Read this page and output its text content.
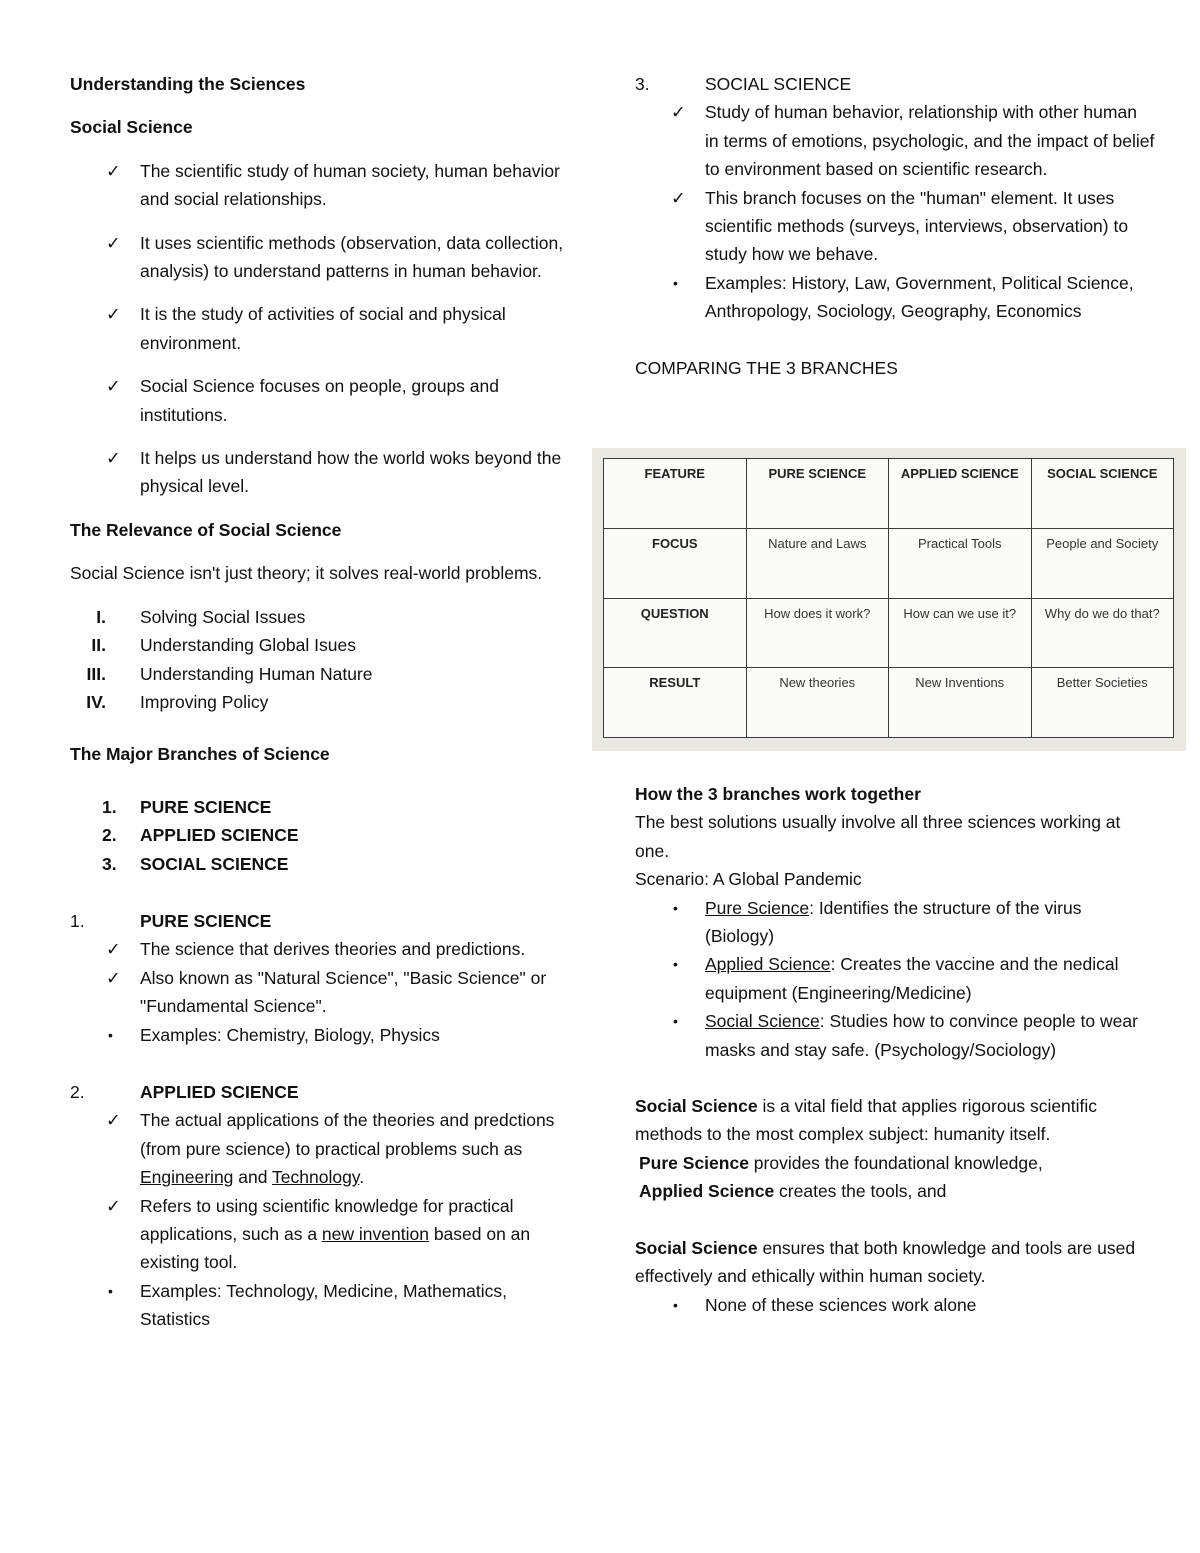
Understanding the Sciences

Social Science

✓	The scientific study of human society, human behavior and social relationships.
✓	It uses scientific methods (observation, data collection, analysis) to understand patterns in human behavior.
✓	It is the study of activities of social and physical environment.
✓	Social Science focuses on people, groups and institutions.
✓	It helps us understand how the world woks beyond the physical level.

The Relevance of Social Science

Social Science isn't just theory; it solves real-world problems.

I. Solving Social Issues
II. Understanding Global Isues
III. Understanding Human Nature
IV. Improving Policy

The Major Branches of Science

1. PURE SCIENCE
2. APPLIED SCIENCE
3. SOCIAL SCIENCE
1.	PURE SCIENCE
✓	The science that derives theories and predictions.
✓	Also known as "Natural Science", "Basic Science" or "Fundamental Science".
•	Examples: Chemistry, Biology, Physics
2.	APPLIED SCIENCE
✓	The actual applications of the theories and predctions (from pure science) to practical problems such as Engineering and Technology.
✓	Refers to using scientific knowledge for practical applications, such as a new invention based on an existing tool.
•	Examples: Technology, Medicine, Mathematics, Statistics
3.	SOCIAL SCIENCE
✓	Study of human behavior, relationship with other human in terms of emotions, psychologic, and the impact of belief to environment based on scientific research.
✓	This branch focuses on the "human" element. It uses scientific methods (surveys, interviews, observation) to study how we behave.
•	Examples: History, Law, Government, Political Science, Anthropology, Sociology, Geography, Economics

COMPARING THE 3 BRANCHES

FEATURE	PURE SCIENCE	APPLIED SCIENCE	SOCIAL SCIENCE
FOCUS	Nature and Laws	Practical Tools	People and Society
QUESTION	How does it work?	How can we use it?	Why do we do that?
RESULT	New theories	New Inventions	Better Societies

How the 3 branches work together

The best solutions usually involve all three sciences working at one.

Scenario: A Global Pandemic

•	Pure Science: Identifies the structure of the virus (Biology)
•	Applied Science: Creates the vaccine and the nedical equipment (Engineering/Medicine)
•	Social Science: Studies how to convince people to wear masks and stay safe. (Psychology/Sociology)

Social Science is a vital field that applies rigorous scientific methods to the most complex subject: humanity itself.

Pure Science provides the foundational knowledge,

Applied Science creates the tools, and

Social Science ensures that both knowledge and tools are used effectively and ethically within human society.

•	None of these sciences work alone
